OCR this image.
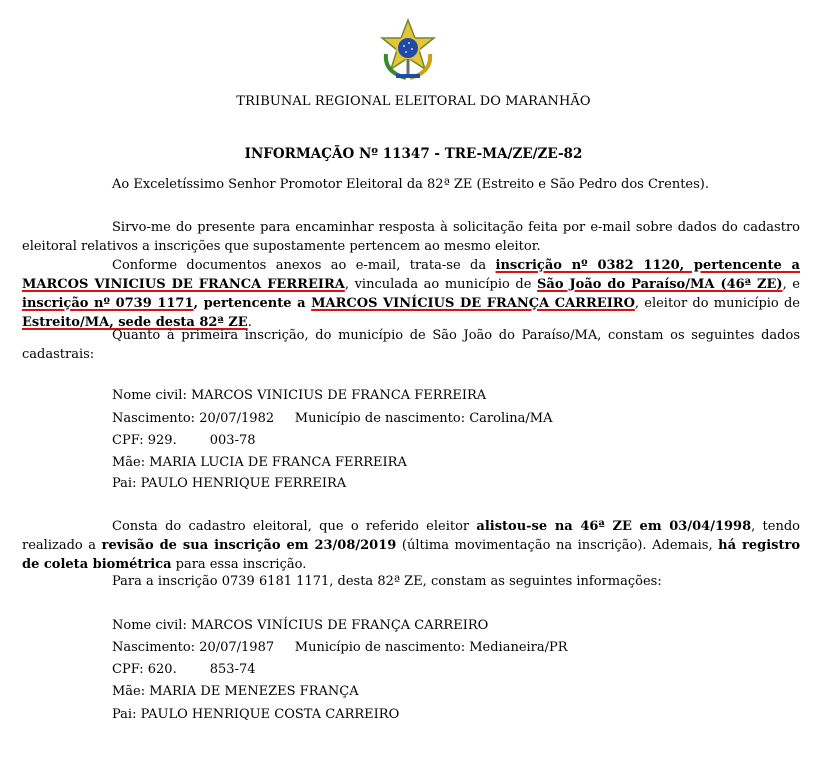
TRIBUNAL REGIONAL ELEITORAL DO MARANHÃO
INFORMAÇÃO Nº 11347 - TRE-MA/ZE/ZE-82

Ao Exceletíssimo Senhor Promotor Eleitoral da 82ª ZE (Estreito e São Pedro dos Crentes).

Sirvo-me do presente para encaminhar resposta à solicitação feita por e-mail sobre dados do cadastro eleitoral relativos a inscrições que supostamente pertencem ao mesmo eleitor.

Conforme documentos anexos ao e-mail, trata-se da inscrição nº 0382 1120, pertencente a MARCOS VINICIUS DE FRANCA FERREIRA, vinculada ao município de São João do Paraíso/MA (46ª ZE), e inscrição nº 0739 1171, pertencente a MARCOS VINÍCIUS DE FRANÇA CARREIRO, eleitor do município de Estreito/MA, sede desta 82ª ZE.

Quanto à primeira inscrição, do município de São João do Paraíso/MA, constam os seguintes dados cadastrais:

Nome civil: MARCOS VINICIUS DE FRANCA FERREIRA
Nascimento: 20/07/1982     Município de nascimento: Carolina/MA
CPF: 929.        003-78
Mãe: MARIA LUCIA DE FRANCA FERREIRA
Pai: PAULO HENRIQUE FERREIRA

Consta do cadastro eleitoral, que o referido eleitor alistou-se na 46ª ZE em 03/04/1998, tendo realizado a revisão de sua inscrição em 23/08/2019 (última movimentação na inscrição). Ademais, há registro de coleta biométrica para essa inscrição.

Para a inscrição 0739 6181 1171, desta 82ª ZE, constam as seguintes informações:

Nome civil: MARCOS VINÍCIUS DE FRANÇA CARREIRO
Nascimento: 20/07/1987     Município de nascimento: Medianeira/PR
CPF: 620.        853-74
Mãe: MARIA DE MENEZES FRANÇA
Pai: PAULO HENRIQUE COSTA CARREIRO
